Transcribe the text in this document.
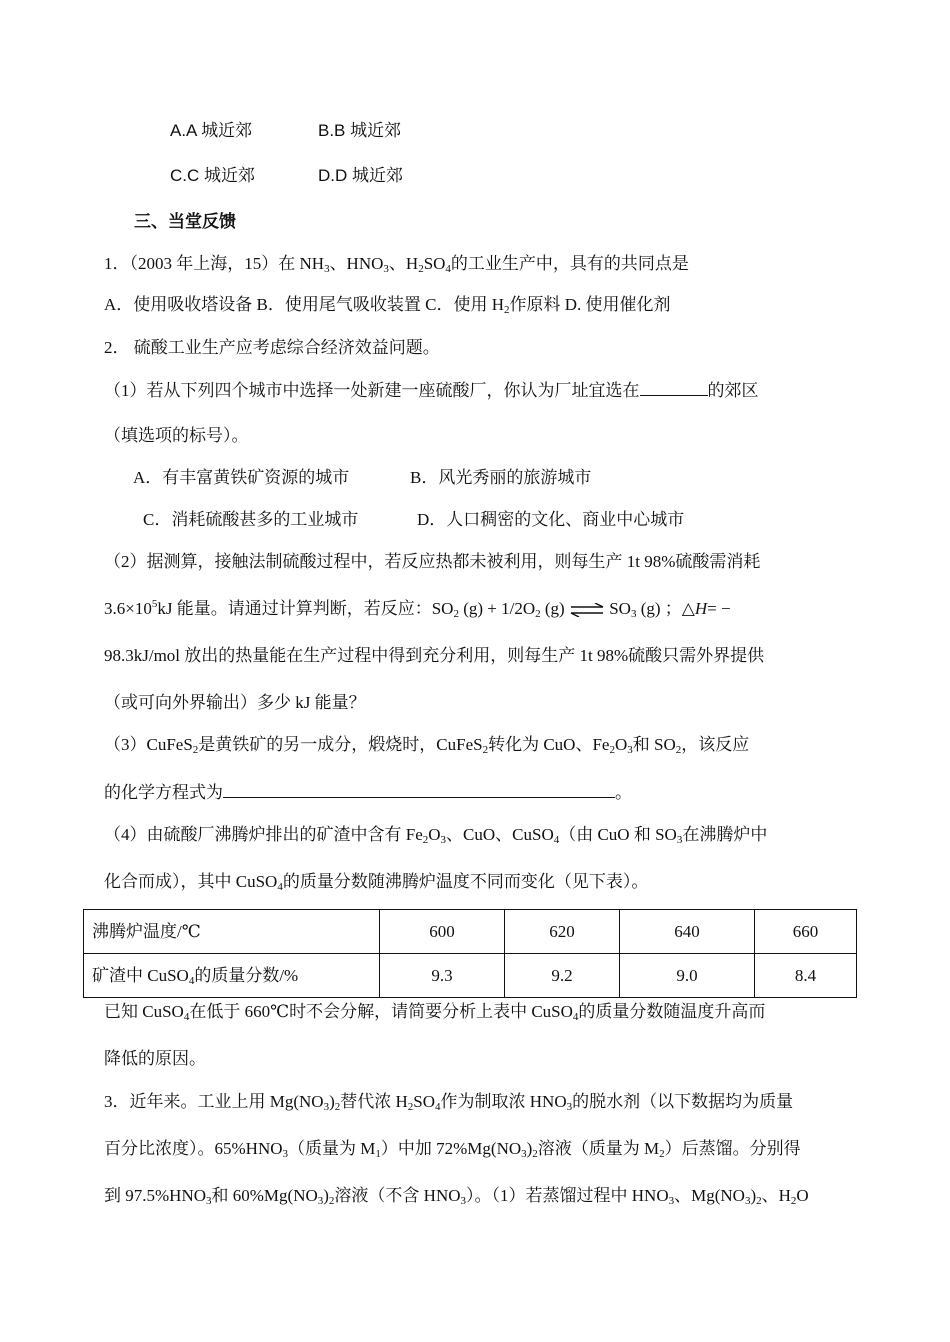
A.A 城近郊	B.B 城近郊
C.C 城近郊	D.D 城近郊
三、当堂反馈
1．（2003 年上海，15）在 $NH_3$、$HNO_3$、$H_2SO_4$的工业生产中，具有的共同点是
A．使用吸收塔设备 B．使用尾气吸收装置 C．使用 $H_2$作原料 D. 使用催化剂
2． 硫酸工业生产应考虑综合经济效益问题。
（1）若从下列四个城市中选择一处新建一座硫酸厂，你认为厂址宜选在	的郊区
（填选项的标号）。
A．有丰富黄铁矿资源的城市	B．风光秀丽的旅游城市
C．消耗硫酸甚多的工业城市	D．人口稠密的文化、商业中心城市
（2）据测算，接触法制硫酸过程中，若反应热都未被利用，则每生产 1t 98%硫酸需消耗
$3.6\times 10^5kJ$ 能量。请通过计算判断，若反应：$SO_2$ $(g) + 1/2O_2$ (g) ⇌ $SO_3$ (g) ；△H= −
98.3kJ/mol 放出的热量能在生产过程中得到充分利用，则每生产 1t 98%硫酸只需外界提供
（或可向外界输出）多少 kJ 能量？
（3）CuFeS$_2$是黄铁矿的另一成分，煅烧时，CuFeS$_2$转化为 CuO、$Fe_2O_3$和 $SO_2$，该反应
的化学方程式为	。
（4）由硫酸厂沸腾炉排出的矿渣中含有 $Fe_2O_3$、CuO、CuSO$_4$（由 CuO 和 $SO_3$在沸腾炉中
化合而成），其中 CuSO$_4$的质量分数随沸腾炉温度不同而变化（见下表）。
沸腾炉温度/℃	600	620	640	660
矿渣中 CuSO$_4$的质量分数/%	9.3	9.2	9.0	8.4
已知 CuSO$_4$在低于 660℃时不会分解，请简要分析上表中 CuSO$_4$的质量分数随温度升高而
降低的原因。
3．近年来。工业上用 $Mg(NO_3)_2$替代浓 $H_2SO_4$作为制取浓 $HNO_3$的脱水剂（以下数据均为质量
百分比浓度）。$65\%HNO_3$（质量为 $M_1$）中加 $72\%Mg(NO_3)_2$溶液（质量为 $M_2$）后蒸馏。分别得
到 $97.5\%HNO_3$和 $60\%Mg(NO_3)_2$溶液（不含 $HNO_3$）。（1）若蒸馏过程中 $HNO_3$、$Mg(NO_3)_2$、$H_2O$
